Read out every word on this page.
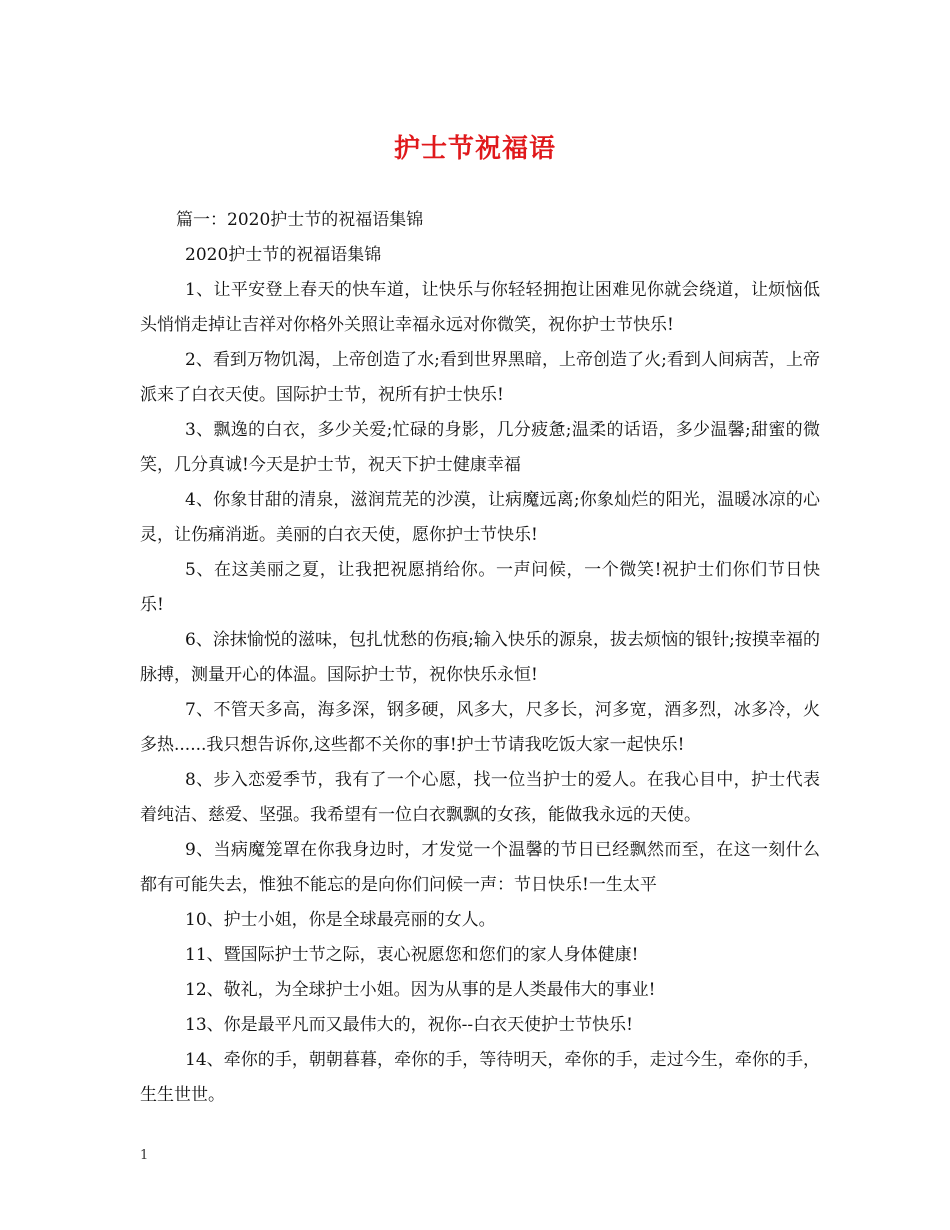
护士节祝福语
篇一：2020护士节的祝福语集锦
2020护士节的祝福语集锦
1、让平安登上春天的快车道，让快乐与你轻轻拥抱让困难见你就会绕道，让烦恼低头悄悄走掉让吉祥对你格外关照让幸福永远对你微笑，祝你护士节快乐!
2、看到万物饥渴，上帝创造了水;看到世界黑暗，上帝创造了火;看到人间病苦，上帝派来了白衣天使。国际护士节，祝所有护士快乐!
3、飘逸的白衣，多少关爱;忙碌的身影，几分疲惫;温柔的话语，多少温馨;甜蜜的微笑，几分真诚!今天是护士节，祝天下护士健康幸福
4、你象甘甜的清泉，滋润荒芜的沙漠，让病魔远离;你象灿烂的阳光，温暖冰凉的心灵，让伤痛消逝。美丽的白衣天使，愿你护士节快乐!
5、在这美丽之夏，让我把祝愿捎给你。一声问候，一个微笑!祝护士们你们节日快乐!
6、涂抹愉悦的滋味，包扎忧愁的伤痕;输入快乐的源泉，拔去烦恼的银针;按摸幸福的脉搏，测量开心的体温。国际护士节，祝你快乐永恒!
7、不管天多高，海多深，钢多硬，风多大，尺多长，河多宽，酒多烈，冰多冷，火多热......我只想告诉你,这些都不关你的事!护士节请我吃饭大家一起快乐!
8、步入恋爱季节，我有了一个心愿，找一位当护士的爱人。在我心目中，护士代表着纯洁、慈爱、坚强。我希望有一位白衣飘飘的女孩，能做我永远的天使。
9、当病魔笼罩在你我身边时，才发觉一个温馨的节日已经飘然而至，在这一刻什么都有可能失去，惟独不能忘的是向你们问候一声：节日快乐!一生太平
10、护士小姐，你是全球最亮丽的女人。
11、暨国际护士节之际，衷心祝愿您和您们的家人身体健康!
12、敬礼，为全球护士小姐。因为从事的是人类最伟大的事业!
13、你是最平凡而又最伟大的，祝你--白衣天使护士节快乐!
14、牵你的手，朝朝暮暮，牵你的手，等待明天，牵你的手，走过今生，牵你的手，生生世世。
1
